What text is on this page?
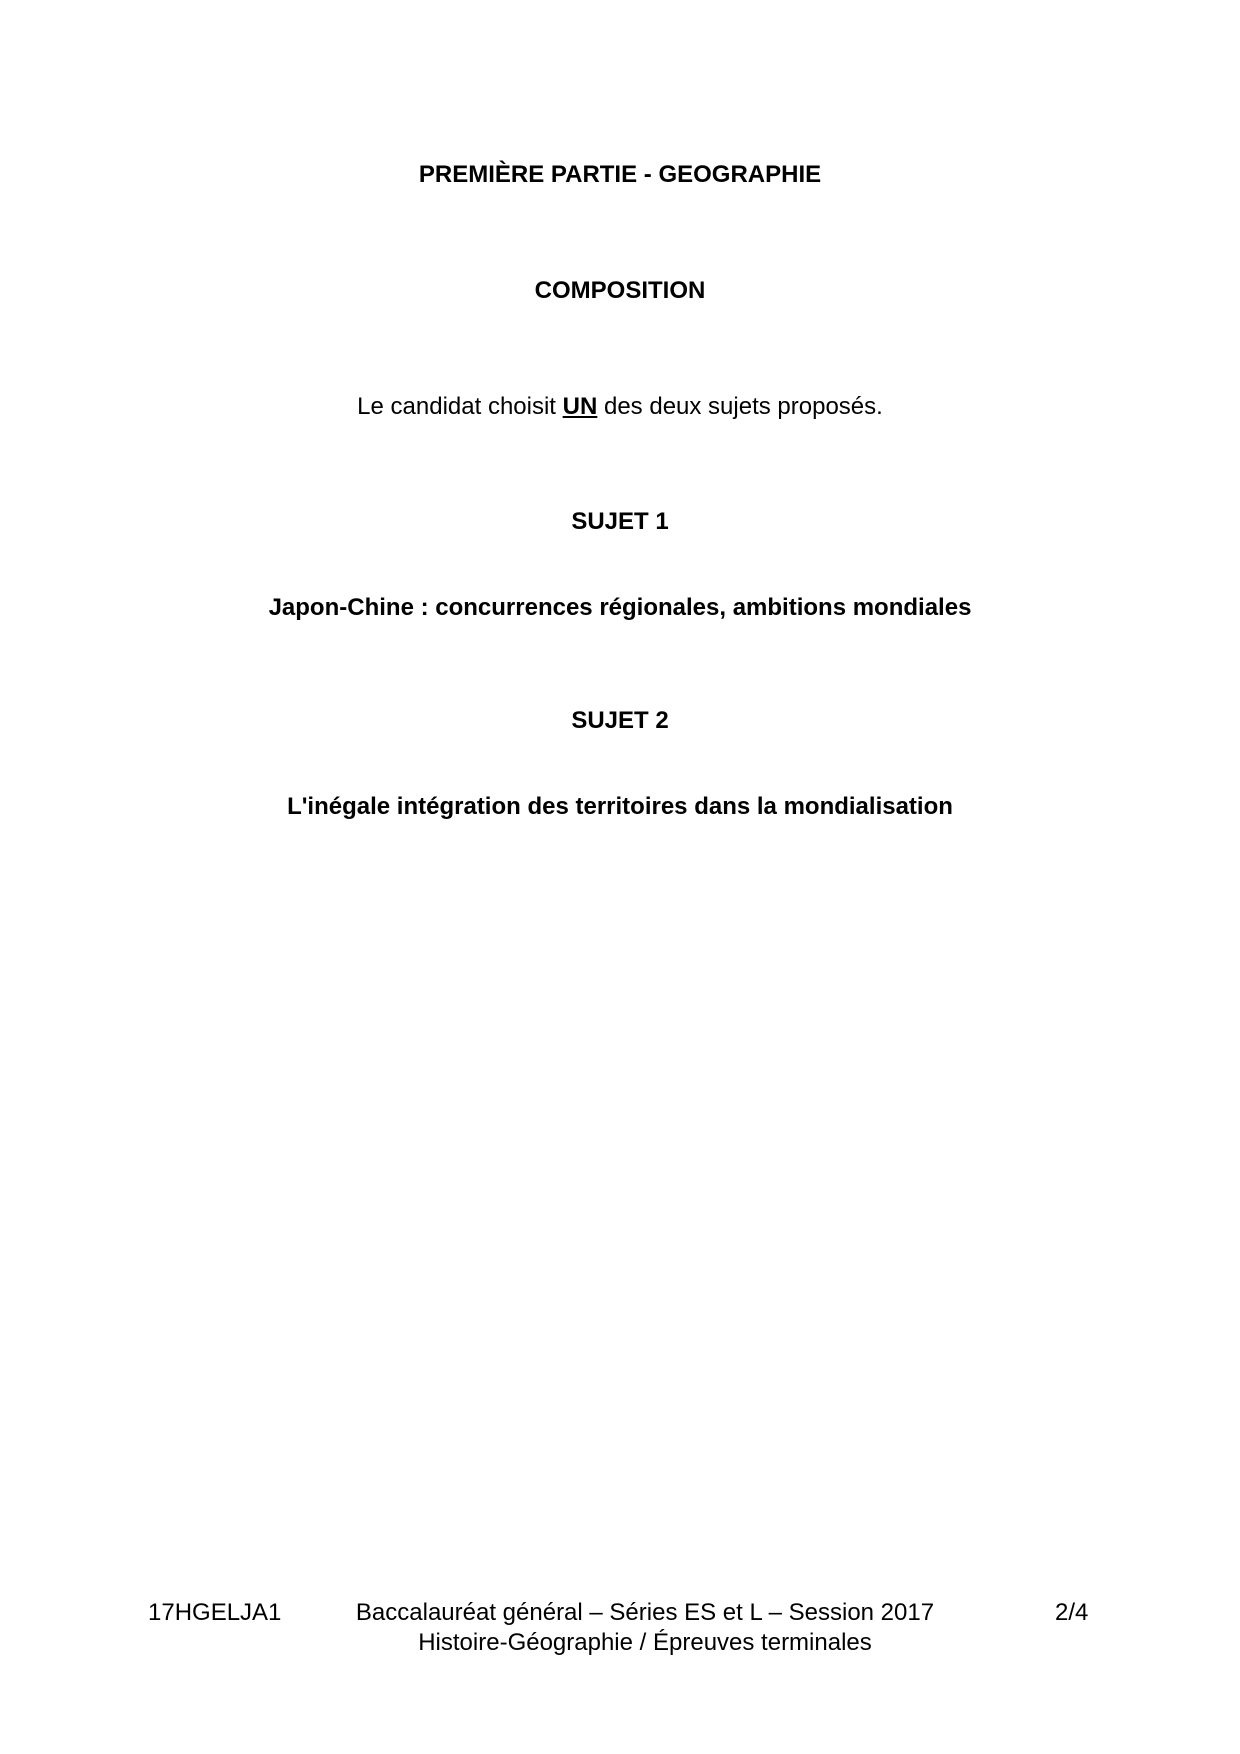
PREMIÈRE PARTIE - GEOGRAPHIE
COMPOSITION
Le candidat choisit UN des deux sujets proposés.
SUJET 1
Japon-Chine : concurrences régionales, ambitions mondiales
SUJET 2
L'inégale intégration des territoires dans la mondialisation
17HGELJA1	Baccalauréat général – Séries ES et L – Session 2017
Histoire-Géographie / Épreuves terminales
2/4
